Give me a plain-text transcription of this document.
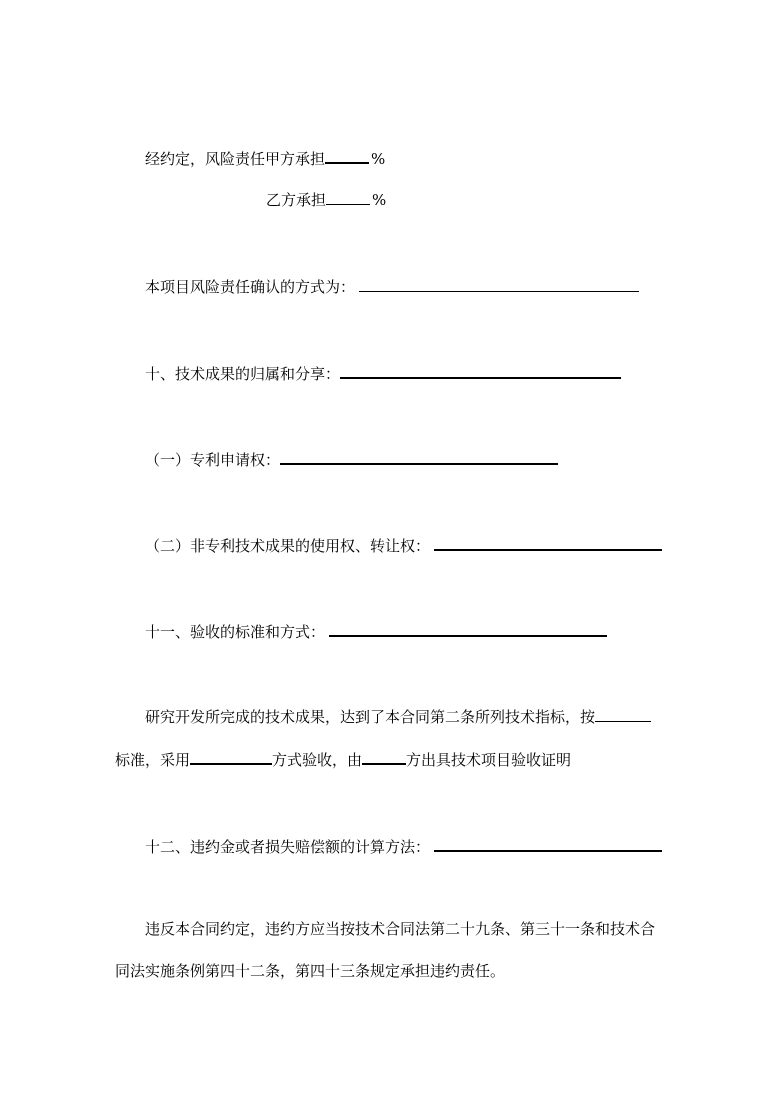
经约定，风险责任甲方承担	%
乙方承担	%
本项目风险责任确认的方式为：
十、技术成果的归属和分享：
（一）专利申请权：
（二）非专利技术成果的使用权、转让权：
十一、验收的标准和方式：
研究开发所完成的技术成果，达到了本合同第二条所列技术指标，按
标准，采用	方式验收，由	方出具技术项目验收证明
十二、违约金或者损失赔偿额的计算方法：
违反本合同约定，违约方应当按技术合同法第二十九条、第三十一条和技术合
同法实施条例第四十二条，第四十三条规定承担违约责任。
